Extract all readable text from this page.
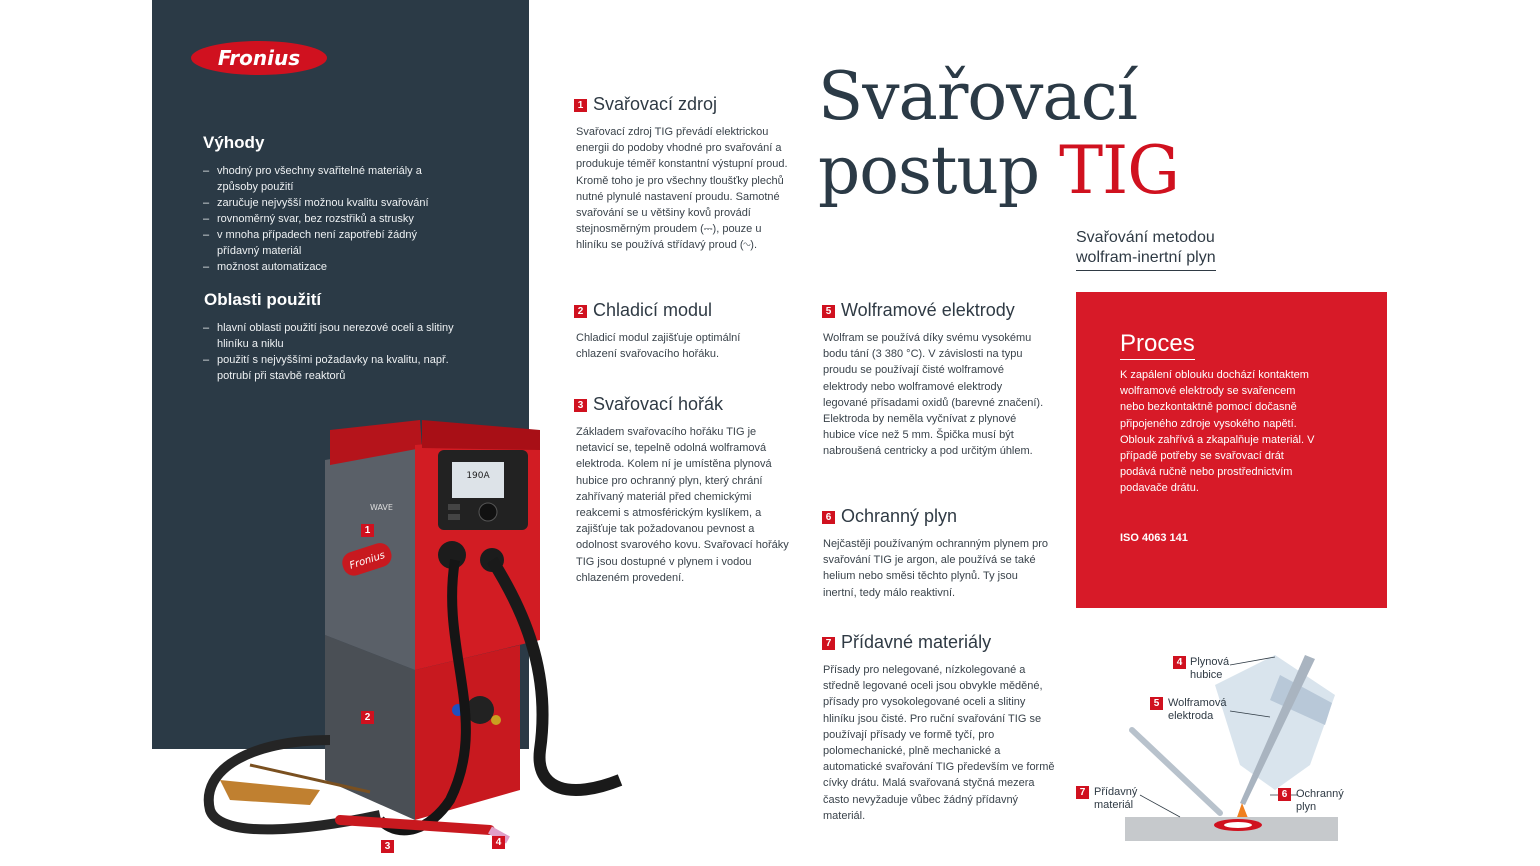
Fronius
Výhody
– vhodný pro všechny svařitelné materiály a způsoby použití
– zaručuje nejvyšší možnou kvalitu svařování
– rovnoměrný svar, bez rozstřiků a strusky
– v mnoha případech není zapotřebí žádný přídavný materiál
– možnost automatizace
Oblasti použití
– hlavní oblasti použití jsou nerezové oceli a slitiny hliníku a niklu
– použití s nejvyššími požadavky na kvalitu, např. potrubí při stavbě reaktorů
190A
WAVE
Fronius
1
2
3	4
1 Svařovací zdroj

Svařovací zdroj TIG převádí elektrickou energii do podoby vhodné pro svařování a produkuje téměř konstantní výstupní proud. Kromě toho je pro všechny tloušťky plechů nutné plynulé nastavení proudu. Samotné svařování se u většiny kovů provádí stejnosměrným proudem (⎓), pouze u hliníku se používá střídavý proud (∿).

2 Chladicí modul

Chladicí modul zajišťuje optimální chlazení svařovacího hořáku.

3 Svařovací hořák

Základem svařovacího hořáku TIG je netavicí se, tepelně odolná wolframová elektroda. Kolem ní je umístěna plynová hubice pro ochranný plyn, který chrání zahřívaný materiál před chemickými reakcemi s atmosférickým kyslíkem, a zajišťuje tak požadovanou pevnost a odolnost svarového kovu. Svařovací hořáky TIG jsou dostupné v plynem i vodou chlazeném provedení.

Svařovací
postup TIG
Svařování metodou
wolfram-inertní plyn
5 Wolframové elektrody

Wolfram se používá díky svému vysokému bodu tání (3 380 °C). V závislosti na typu proudu se používají čisté wolframové elektrody nebo wolframové elektrody legované přísadami oxidů (barevné značení). Elektroda by neměla vyčnívat z plynové hubice více než 5 mm. Špička musí být nabroušená centricky a pod určitým úhlem.

6 Ochranný plyn

Nejčastěji používaným ochranným plynem pro svařování TIG je argon, ale používá se také helium nebo směsi těchto plynů. Ty jsou inertní, tedy málo reaktivní.

7 Přídavné materiály

Přísady pro nelegované, nízkolegované a středně legované oceli jsou obvykle měděné, přísady pro vysokolegované oceli a slitiny hliníku jsou čisté. Pro ruční svařování TIG se používají přísady ve formě tyčí, pro polomechanické, plně mechanické a automatické svařování TIG především ve formě cívky drátu. Malá svařovaná styčná mezera často nevyžaduje vůbec žádný přídavný materiál.

Proces
K zapálení oblouku dochází kontaktem wolframové elektrody se svařencem nebo bezkontaktně pomocí dočasně připojeného zdroje vysokého napětí. Oblouk zahřívá a zkapalňuje materiál. V případě potřeby se svařovací drát podává ručně nebo prostřednictvím podavače drátu.
ISO 4063 141
4 Plynová hubice
5 Wolframová elektroda
7 Přídavný materiál
6 Ochranný plyn
